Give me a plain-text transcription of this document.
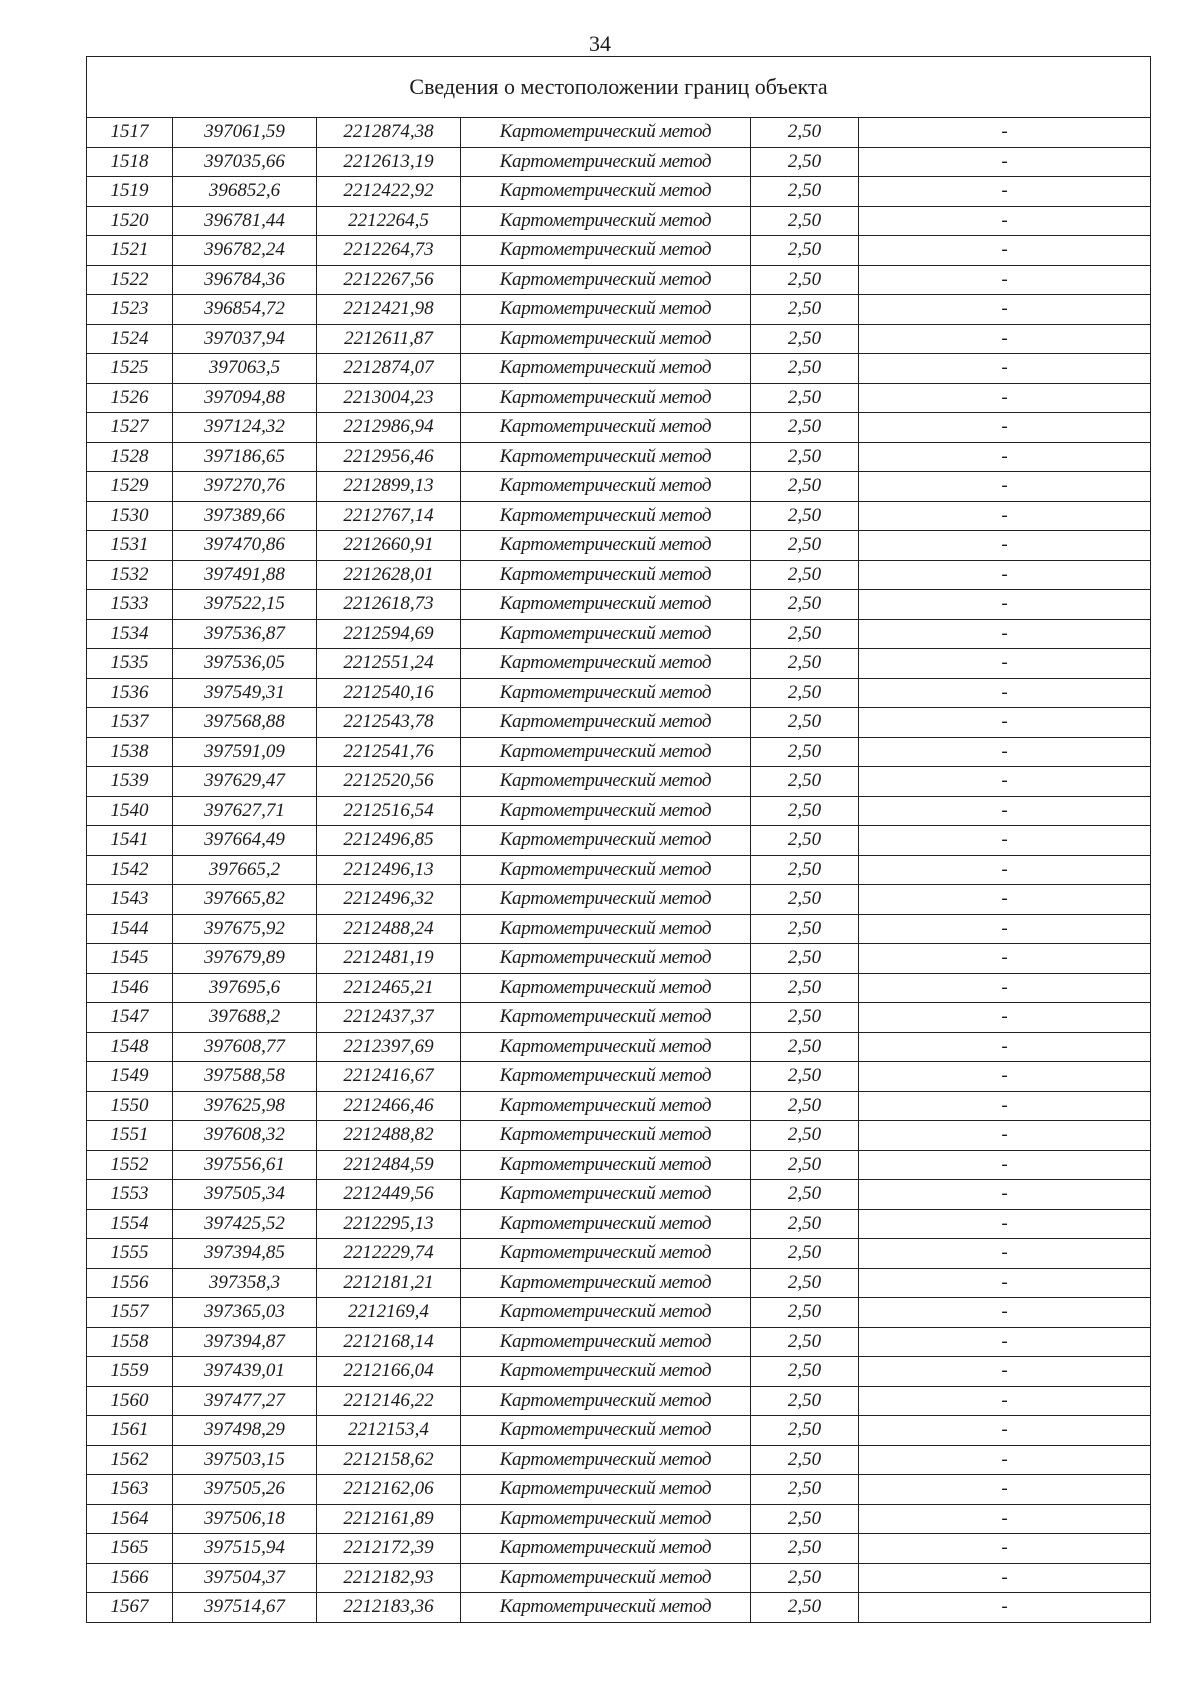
34
Сведения о местоположении границ объекта					
1517	397061,59	2212874,38	Картометрический метод	2,50	-
1518	397035,66	2212613,19	Картометрический метод	2,50	-
1519	396852,6	2212422,92	Картометрический метод	2,50	-
1520	396781,44	2212264,5	Картометрический метод	2,50	-
1521	396782,24	2212264,73	Картометрический метод	2,50	-
1522	396784,36	2212267,56	Картометрический метод	2,50	-
1523	396854,72	2212421,98	Картометрический метод	2,50	-
1524	397037,94	2212611,87	Картометрический метод	2,50	-
1525	397063,5	2212874,07	Картометрический метод	2,50	-
1526	397094,88	2213004,23	Картометрический метод	2,50	-
1527	397124,32	2212986,94	Картометрический метод	2,50	-
1528	397186,65	2212956,46	Картометрический метод	2,50	-
1529	397270,76	2212899,13	Картометрический метод	2,50	-
1530	397389,66	2212767,14	Картометрический метод	2,50	-
1531	397470,86	2212660,91	Картометрический метод	2,50	-
1532	397491,88	2212628,01	Картометрический метод	2,50	-
1533	397522,15	2212618,73	Картометрический метод	2,50	-
1534	397536,87	2212594,69	Картометрический метод	2,50	-
1535	397536,05	2212551,24	Картометрический метод	2,50	-
1536	397549,31	2212540,16	Картометрический метод	2,50	-
1537	397568,88	2212543,78	Картометрический метод	2,50	-
1538	397591,09	2212541,76	Картометрический метод	2,50	-
1539	397629,47	2212520,56	Картометрический метод	2,50	-
1540	397627,71	2212516,54	Картометрический метод	2,50	-
1541	397664,49	2212496,85	Картометрический метод	2,50	-
1542	397665,2	2212496,13	Картометрический метод	2,50	-
1543	397665,82	2212496,32	Картометрический метод	2,50	-
1544	397675,92	2212488,24	Картометрический метод	2,50	-
1545	397679,89	2212481,19	Картометрический метод	2,50	-
1546	397695,6	2212465,21	Картометрический метод	2,50	-
1547	397688,2	2212437,37	Картометрический метод	2,50	-
1548	397608,77	2212397,69	Картометрический метод	2,50	-
1549	397588,58	2212416,67	Картометрический метод	2,50	-
1550	397625,98	2212466,46	Картометрический метод	2,50	-
1551	397608,32	2212488,82	Картометрический метод	2,50	-
1552	397556,61	2212484,59	Картометрический метод	2,50	-
1553	397505,34	2212449,56	Картометрический метод	2,50	-
1554	397425,52	2212295,13	Картометрический метод	2,50	-
1555	397394,85	2212229,74	Картометрический метод	2,50	-
1556	397358,3	2212181,21	Картометрический метод	2,50	-
1557	397365,03	2212169,4	Картометрический метод	2,50	-
1558	397394,87	2212168,14	Картометрический метод	2,50	-
1559	397439,01	2212166,04	Картометрический метод	2,50	-
1560	397477,27	2212146,22	Картометрический метод	2,50	-
1561	397498,29	2212153,4	Картометрический метод	2,50	-
1562	397503,15	2212158,62	Картометрический метод	2,50	-
1563	397505,26	2212162,06	Картометрический метод	2,50	-
1564	397506,18	2212161,89	Картометрический метод	2,50	-
1565	397515,94	2212172,39	Картометрический метод	2,50	-
1566	397504,37	2212182,93	Картометрический метод	2,50	-
1567	397514,67	2212183,36	Картометрический метод	2,50	-
